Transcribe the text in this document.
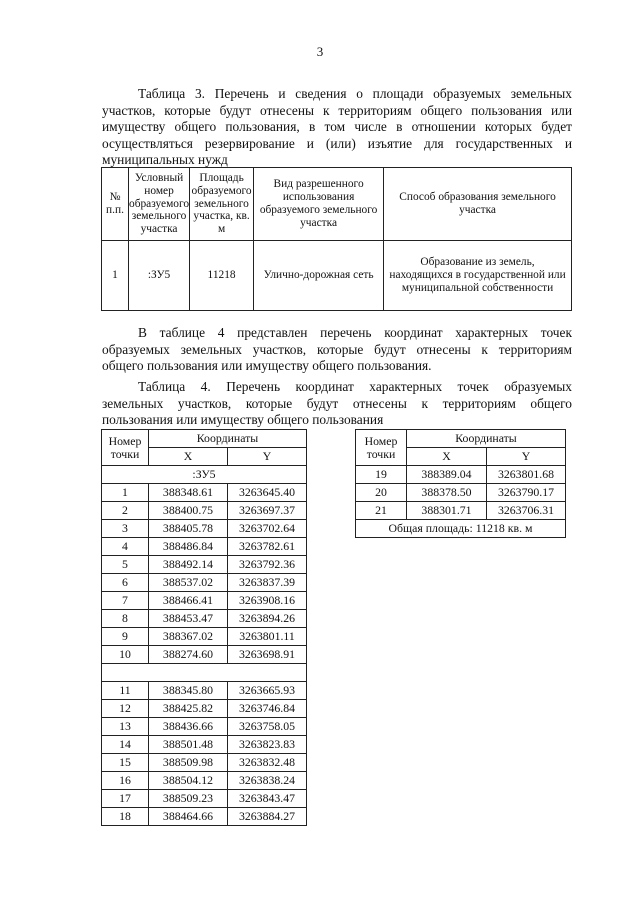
3
Таблица 3. Перечень и сведения о площади образуемых земельных
участков, которые будут отнесены к территориям общего пользования или
имуществу общего пользования, в том числе в отношении которых будет
осуществляться резервирование и (или) изъятие для государственных и
муниципальных нужд
№ п.п.	Условный номер образуемого земельного участка	Площадь образуемого земельного участка, кв. м	Вид разрешенного использования образуемого земельного участка	Способ образования земельного участка
1	:ЗУ5	11218	Улично-дорожная сеть	Образование из земель, находящихся в государственной или муниципальной собственности
В таблице 4 представлен перечень координат характерных точек
образуемых земельных участков, которые будут отнесены к территориям
общего пользования или имуществу общего пользования.
Таблица 4. Перечень координат характерных точек образуемых
земельных участков, которые будут отнесены к территориям общего
пользования или имуществу общего пользования
Номер точки	Координаты	
	X	Y
:ЗУ5		
1	388348.61	3263645.40
2	388400.75	3263697.37
3	388405.78	3263702.64
4	388486.84	3263782.61
5	388492.14	3263792.36
6	388537.02	3263837.39
7	388466.41	3263908.16
8	388453.47	3263894.26
9	388367.02	3263801.11
10	388274.60	3263698.91

11	388345.80	3263665.93
12	388425.82	3263746.84
13	388436.66	3263758.05
14	388501.48	3263823.83
15	388509.98	3263832.48
16	388504.12	3263838.24
17	388509.23	3263843.47
18	388464.66	3263884.27
Номер точки	Координаты	
	X	Y
19	388389.04	3263801.68
20	388378.50	3263790.17
21	388301.71	3263706.31
Общая площадь: 11218 кв. м		
